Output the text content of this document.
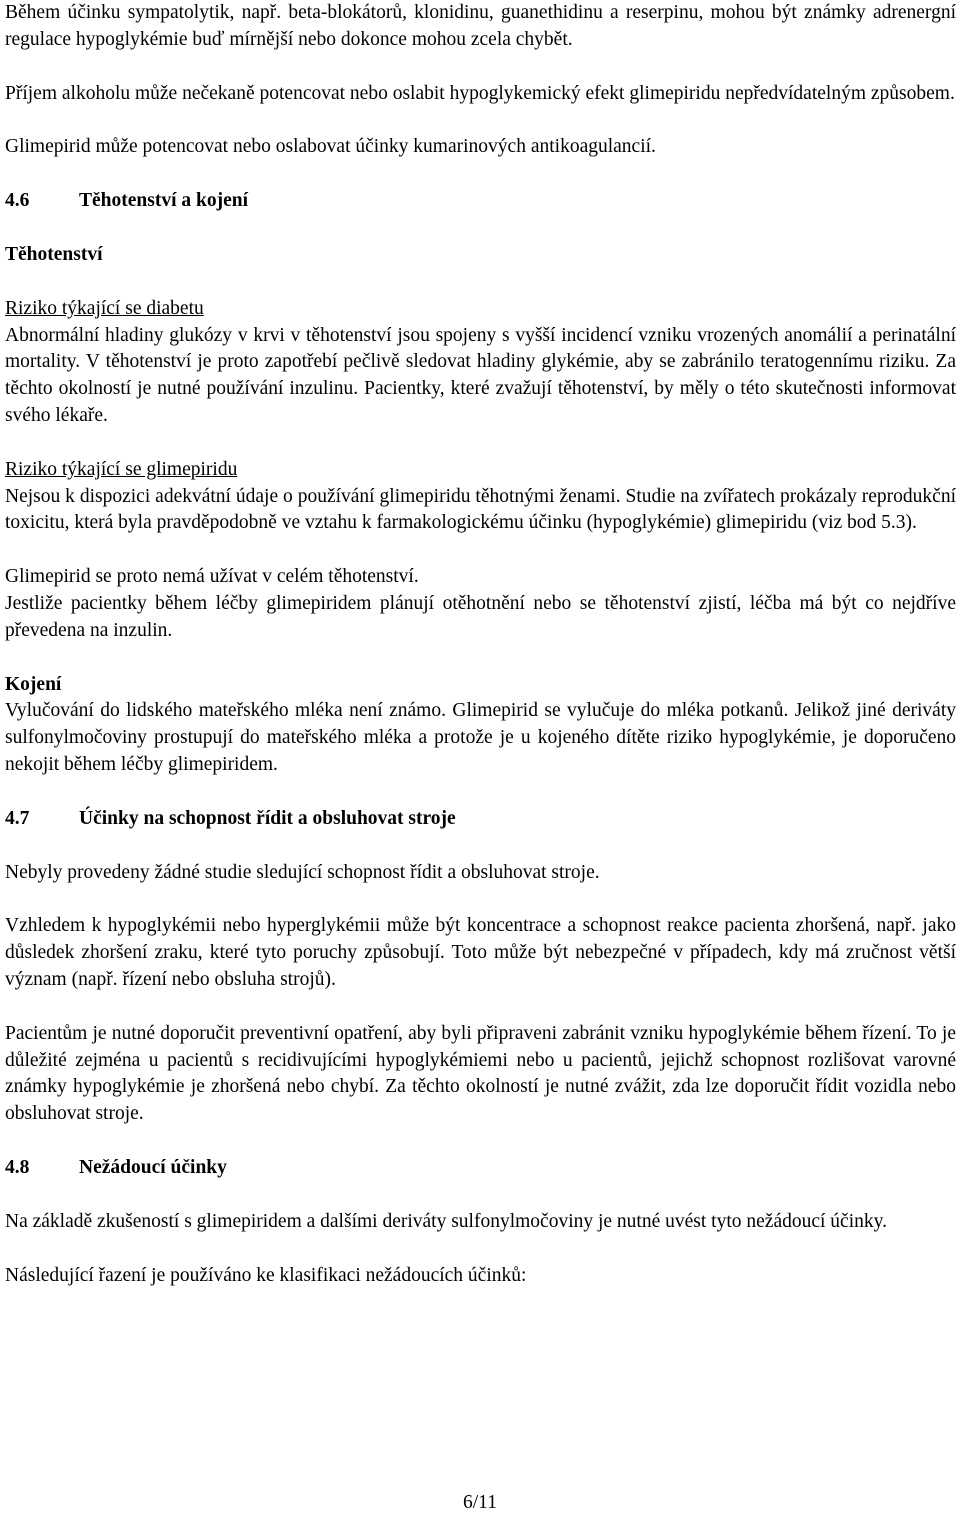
Během účinku sympatolytik, např. beta-blokátorů, klonidinu, guanethidinu a reserpinu, mohou být známky adrenergní regulace hypoglykémie buď mírnější nebo dokonce mohou zcela chybět.

Příjem alkoholu může nečekaně potencovat nebo oslabit hypoglykemický efekt glimepiridu nepředvídatelným způsobem.

Glimepirid může potencovat nebo oslabovat účinky kumarinových antikoagulancií.

4.6	Těhotenství a kojení

Těhotenství

Riziko týkající se diabetu

Abnormální hladiny glukózy v krvi v těhotenství jsou spojeny s vyšší incidencí vzniku vrozených anomálií a perinatální mortality. V těhotenství je proto zapotřebí pečlivě sledovat hladiny glykémie, aby se zabránilo teratogennímu riziku. Za těchto okolností je nutné používání inzulinu. Pacientky, které zvažují těhotenství, by měly o této skutečnosti informovat svého lékaře.

Riziko týkající se glimepiridu

Nejsou k dispozici adekvátní údaje o používání glimepiridu těhotnými ženami. Studie na zvířatech prokázaly reprodukční toxicitu, která byla pravděpodobně ve vztahu k farmakologickému účinku (hypoglykémie) glimepiridu (viz bod 5.3).

Glimepirid se proto nemá užívat v celém těhotenství.

Jestliže pacientky během léčby glimepiridem plánují otěhotnění nebo se těhotenství zjistí, léčba má být co nejdříve převedena na inzulin.

Kojení

Vylučování do lidského mateřského mléka není známo. Glimepirid se vylučuje do mléka potkanů. Jelikož jiné deriváty sulfonylmočoviny prostupují do mateřského mléka a protože je u kojeného dítěte riziko hypoglykémie, je doporučeno nekojit během léčby glimepiridem.

4.7	Účinky na schopnost řídit a obsluhovat stroje

Nebyly provedeny žádné studie sledující schopnost řídit a obsluhovat stroje.

Vzhledem k hypoglykémii nebo hyperglykémii může být koncentrace a schopnost reakce pacienta zhoršená, např. jako důsledek zhoršení zraku, které tyto poruchy způsobují. Toto může být nebezpečné v případech, kdy má zručnost větší význam (např. řízení nebo obsluha strojů).

Pacientům je nutné doporučit preventivní opatření, aby byli připraveni zabránit vzniku hypoglykémie během řízení. To je důležité zejména u pacientů s recidivujícími hypoglykémiemi nebo u pacientů, jejichž schopnost rozlišovat varovné známky hypoglykémie je zhoršená nebo chybí. Za těchto okolností je nutné zvážit, zda lze doporučit řídit vozidla nebo obsluhovat stroje.

4.8	Nežádoucí účinky

Na základě zkušeností s glimepiridem a dalšími deriváty sulfonylmočoviny je nutné uvést tyto nežádoucí účinky.

Následující řazení je používáno ke klasifikaci nežádoucích účinků:

6/11
